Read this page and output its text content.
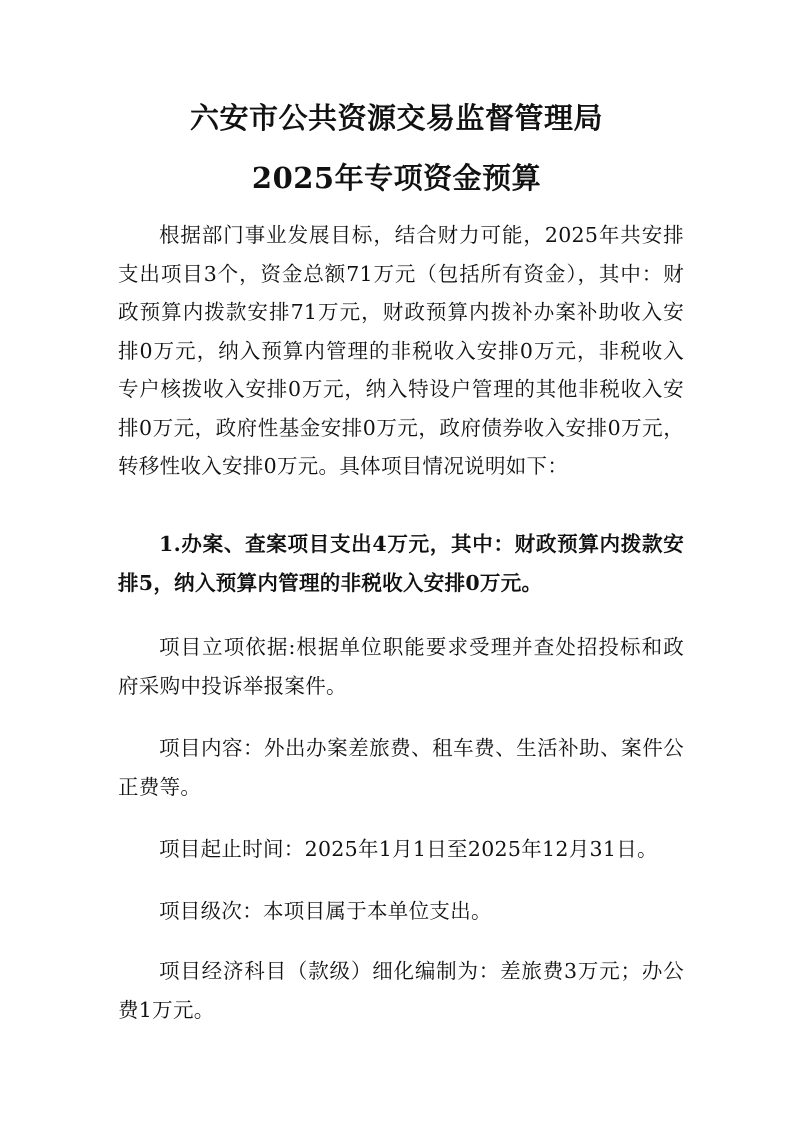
六安市公共资源交易监督管理局
2025年专项资金预算

根据部门事业发展目标，结合财力可能，2025年共安排支出项目3个，资金总额71万元（包括所有资金），其中：财政预算内拨款安排71万元，财政预算内拨补办案补助收入安排0万元，纳入预算内管理的非税收入安排0万元，非税收入专户核拨收入安排0万元，纳入特设户管理的其他非税收入安排0万元，政府性基金安排0万元，政府债券收入安排0万元，转移性收入安排0万元。具体项目情况说明如下：

1.办案、查案项目支出4万元，其中：财政预算内拨款安排5，纳入预算内管理的非税收入安排0万元。

项目立项依据:根据单位职能要求受理并查处招投标和政府采购中投诉举报案件。

项目内容：外出办案差旅费、租车费、生活补助、案件公正费等。

项目起止时间：2025年1月1日至2025年12月31日。

项目级次：本项目属于本单位支出。

项目经济科目（款级）细化编制为：差旅费3万元；办公费1万元。
